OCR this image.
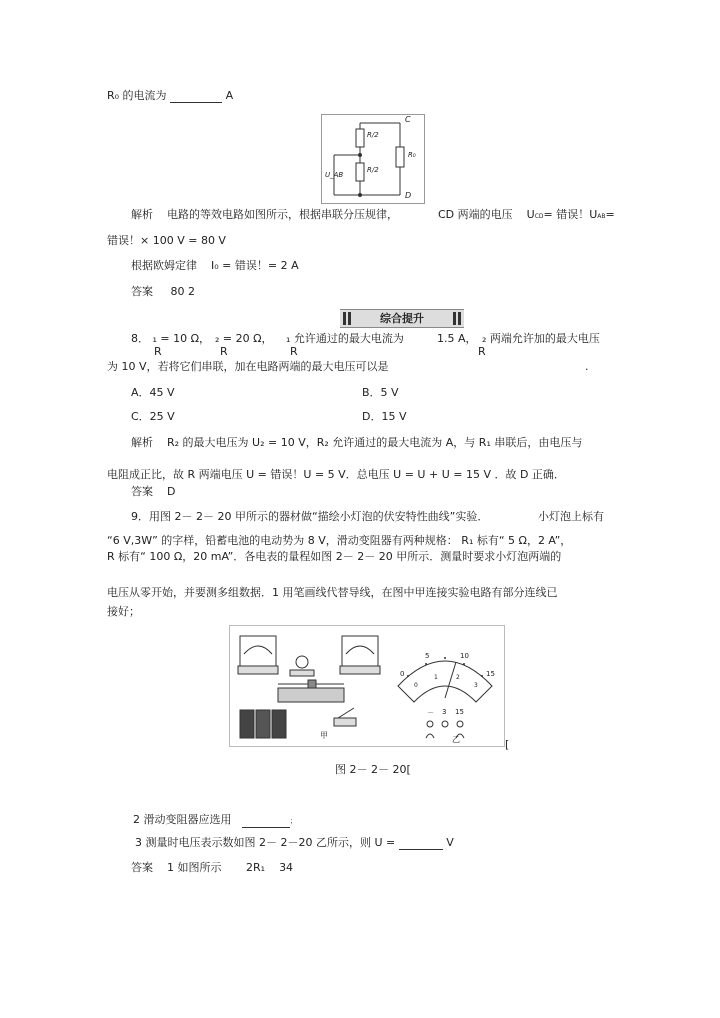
R₀ 的电流为	A
C
D
R/2
R/2
R₀
U_AB
解析 电路的等效电路如图所示，根据串联分压规律，	CD 两端的电压 UCD= 错误！UAB=
错误！× 100 V = 80 V
根据欧姆定律 I₀ = 错误！= 2 A
答案 80 2
综合提升
8． ₁ = 10 Ω， ₂ = 20 Ω， ₁ 允许通过的最大电流为	1.5 A， ₂ 两端允许加的最大电压
R	R	R	R
为 10 V，若将它们串联，加在电路两端的最大电压可以是	.
A．45 V	B．5 V
C．25 V	D．15 V
解析 R₂ 的最大电压为 U₂ = 10 V，R₂ 允许通过的最大电流为 A，与 R₁ 串联后，由电压与
电阻成正比，故 R 两端电压 U = 错误！U = 5 V．总电压 U = U + U = 15 V ．故 D 正确．
答案 D
9．用图 2－ 2－ 20 甲所示的器材做“描绘小灯泡的伏安特性曲线”实验．	小灯泡上标有
“6 V,3W” 的字样，铅蓄电池的电动势为 8 V，滑动变阻器有两种规格： R₁ 标有“ 5 Ω，2 A”，
R 标有“ 100 Ω，20 mA”．各电表的量程如图 2－ 2－ 20 甲所示．测量时要求小灯泡两端的
电压从零开始，并要测多组数据．1 用笔画线代替导线，在图中甲连接实验电路有部分连线已
接好；
甲	乙
0
5	10
15
0
1	2
3
－ 3 15
[
图 2－ 2－ 20[
2 滑动变阻器应选用	；
3 测量时电压表示数如图 2－ 2－20 乙所示，则 U =	V
答案 1 如图所示 2R₁ 34
